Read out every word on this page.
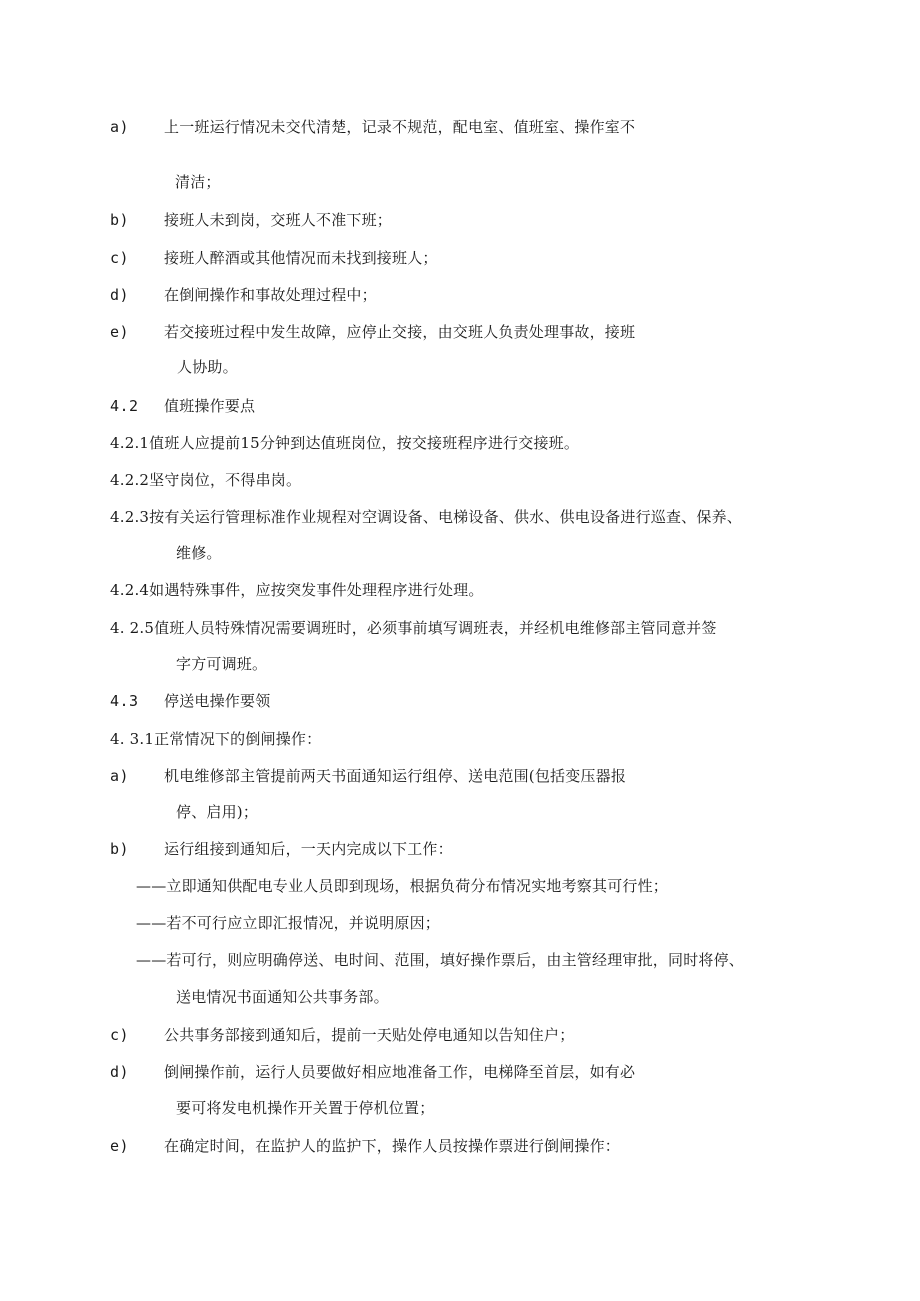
a) 上一班运行情况未交代清楚，记录不规范，配电室、值班室、操作室不
清洁；
b) 接班人未到岗，交班人不准下班；
c) 接班人醉酒或其他情况而未找到接班人；
d) 在倒闸操作和事故处理过程中；
e) 若交接班过程中发生故障，应停止交接，由交班人负责处理事故，接班
人协助。
4.2 值班操作要点
4.2.1值班人应提前15分钟到达值班岗位，按交接班程序进行交接班。
4.2.2坚守岗位，不得串岗。
4.2.3按有关运行管理标准作业规程对空调设备、电梯设备、供水、供电设备进行巡查、保养、
维修。
4.2.4如遇特殊事件，应按突发事件处理程序进行处理。
4. 2.5值班人员特殊情况需要调班时，必须事前填写调班表，并经机电维修部主管同意并签
字方可调班。
4.3 停送电操作要领
4. 3.1正常情况下的倒闸操作：
a) 机电维修部主管提前两天书面通知运行组停、送电范围(包括变压器报
停、启用)；
b) 运行组接到通知后，一天内完成以下工作：
——立即通知供配电专业人员即到现场，根据负荷分布情况实地考察其可行性；
——若不可行应立即汇报情况，并说明原因；
——若可行，则应明确停送、电时间、范围，填好操作票后，由主管经理审批，同时将停、
送电情况书面通知公共事务部。
c) 公共事务部接到通知后，提前一天贴处停电通知以告知住户；
d) 倒闸操作前，运行人员要做好相应地准备工作，电梯降至首层，如有必
要可将发电机操作开关置于停机位置；
e) 在确定时间，在监护人的监护下，操作人员按操作票进行倒闸操作：
